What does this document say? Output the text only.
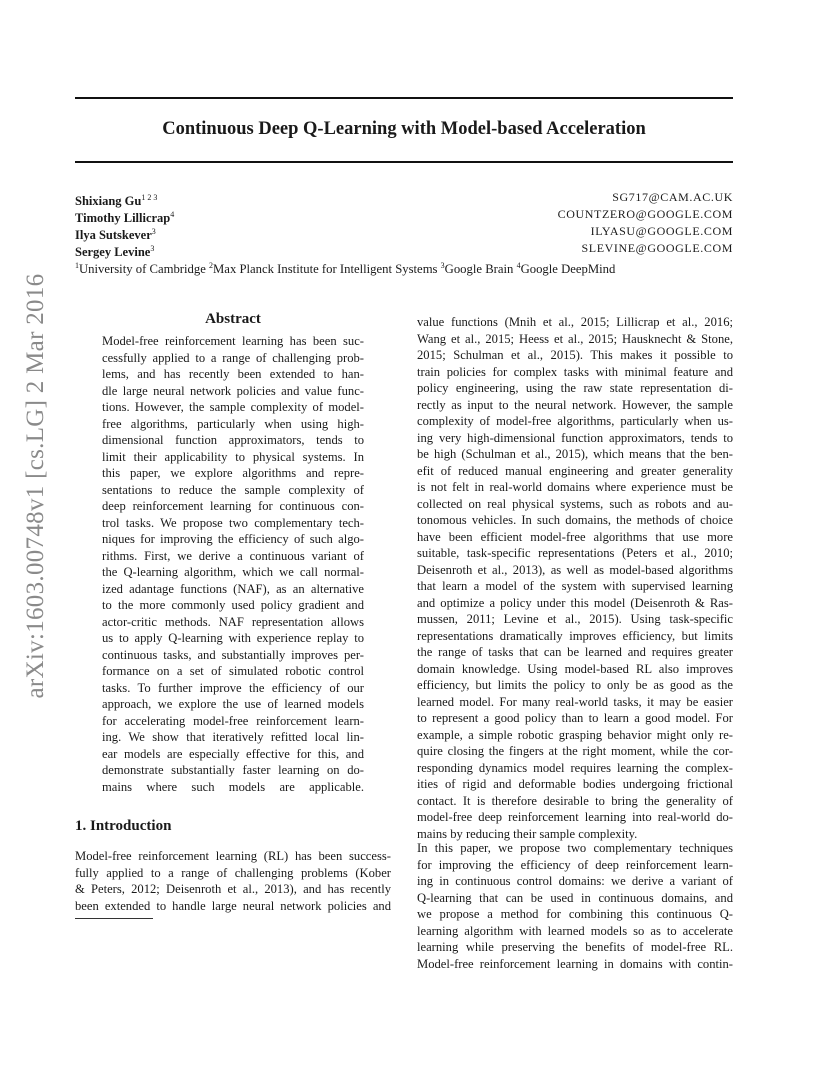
Continuous Deep Q-Learning with Model-based Acceleration
Shixiang $Gu^{1 2 3}$	SG717@CAM.AC.UK
Timothy Lillicrap$^4$	COUNTZERO@GOOGLE.COM
Ilya Sutskever$^3$	ILYASU@GOOGLE.COM
Sergey Levine$^3$	SLEVINE@GOOGLE.COM
$^1$University of Cambridge $^2$Max Planck Institute for Intelligent Systems $^3$Google Brain $^4$Google DeepMind
arXiv:1603.00748v1 [cs.LG] 2 Mar 2016	Abstract
Model-free reinforcement learning has been suc-
cessfully applied to a range of challenging prob-
lems, and has recently been extended to han-
dle large neural network policies and value func-
tions. However, the sample complexity of model-
free algorithms, particularly when using high-
dimensional function approximators, tends to
limit their applicability to physical systems. In
this paper, we explore algorithms and repre-
sentations to reduce the sample complexity of
deep reinforcement learning for continuous con-
trol tasks. We propose two complementary tech-
niques for improving the efficiency of such algo-
rithms. First, we derive a continuous variant of
the Q-learning algorithm, which we call normal-
ized adantage functions (NAF), as an alternative
to the more commonly used policy gradient and
actor-critic methods. NAF representation allows
us to apply Q-learning with experience replay to
continuous tasks, and substantially improves per-
formance on a set of simulated robotic control
tasks. To further improve the efficiency of our
approach, we explore the use of learned models
for accelerating model-free reinforcement learn-
ing. We show that iteratively refitted local lin-
ear models are especially effective for this, and
demonstrate substantially faster learning on do-
mains where such models are applicable.
1. Introduction
Model-free reinforcement learning (RL) has been success-
fully applied to a range of challenging problems (Kober
& Peters, 2012; Deisenroth et al., 2013), and has recently
been extended to handle large neural network policies and
value functions (Mnih et al., 2015; Lillicrap et al., 2016;
Wang et al., 2015; Heess et al., 2015; Hausknecht & Stone,
2015; Schulman et al., 2015). This makes it possible to
train policies for complex tasks with minimal feature and
policy engineering, using the raw state representation di-
rectly as input to the neural network. However, the sample
complexity of model-free algorithms, particularly when us-
ing very high-dimensional function approximators, tends to
be high (Schulman et al., 2015), which means that the ben-
efit of reduced manual engineering and greater generality
is not felt in real-world domains where experience must be
collected on real physical systems, such as robots and au-
tonomous vehicles. In such domains, the methods of choice
have been efficient model-free algorithms that use more
suitable, task-specific representations (Peters et al., 2010;
Deisenroth et al., 2013), as well as model-based algorithms
that learn a model of the system with supervised learning
and optimize a policy under this model (Deisenroth & Ras-
mussen, 2011; Levine et al., 2015). Using task-specific
representations dramatically improves efficiency, but limits
the range of tasks that can be learned and requires greater
domain knowledge. Using model-based RL also improves
efficiency, but limits the policy to only be as good as the
learned model. For many real-world tasks, it may be easier
to represent a good policy than to learn a good model. For
example, a simple robotic grasping behavior might only re-
quire closing the fingers at the right moment, while the cor-
responding dynamics model requires learning the complex-
ities of rigid and deformable bodies undergoing frictional
contact. It is therefore desirable to bring the generality of
model-free deep reinforcement learning into real-world do-
mains by reducing their sample complexity.
In this paper, we propose two complementary techniques
for improving the efficiency of deep reinforcement learn-
ing in continuous control domains: we derive a variant of
Q-learning that can be used in continuous domains, and
we propose a method for combining this continuous Q-
learning algorithm with learned models so as to accelerate
learning while preserving the benefits of model-free RL.
Model-free reinforcement learning in domains with contin-
